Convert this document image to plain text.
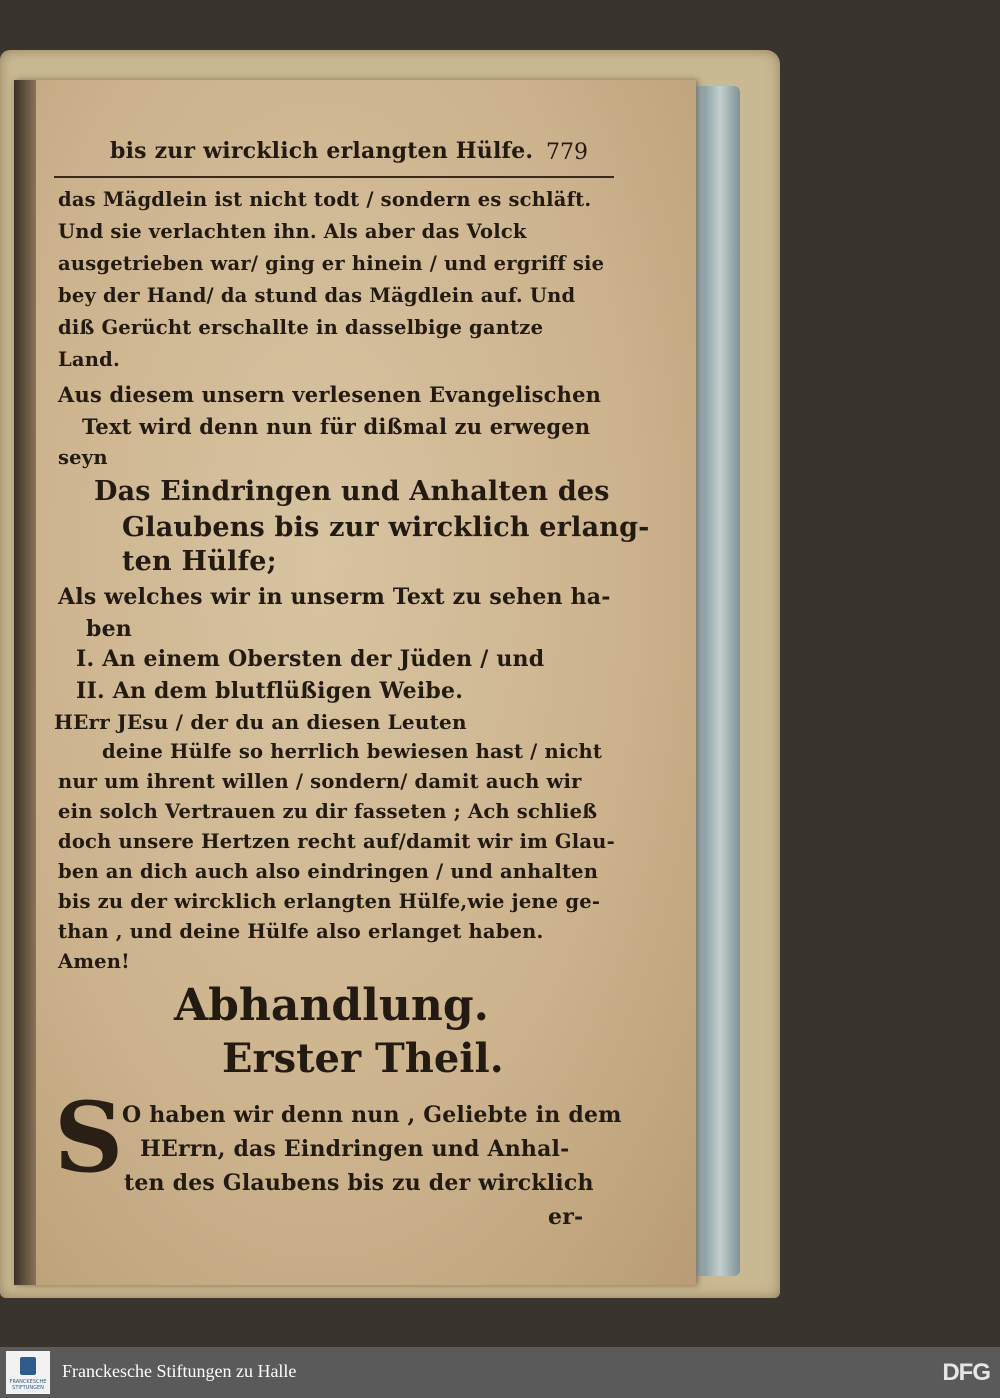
bis zur wircklich erlangten Hülfe. 779
das Mägdlein ist nicht todt / sondern es schläft.
Und sie verlachten ihn. Als aber das Volck
ausgetrieben war/ ging er hinein / und ergriff sie
bey der Hand/ da stund das Mägdlein auf. Und
diß Gerücht erschallte in dasselbige gantze
Land.
Aus diesem unsern verlesenen Evangelischen
Text wird denn nun für dißmal zu erwegen
seyn
Das Eindringen und Anhalten des
Glaubens bis zur wircklich erlang-
ten Hülfe;
Als welches wir in unserm Text zu sehen ha-
ben
I. An einem Obersten der Jüden / und
II. An dem blutflüßigen Weibe.
HErr JEsu / der du an diesen Leuten
deine Hülfe so herrlich bewiesen hast / nicht
nur um ihrent willen / sondern/ damit auch wir
ein solch Vertrauen zu dir fasseten ; Ach schließ
doch unsere Hertzen recht auf/damit wir im Glau-
ben an dich auch also eindringen / und anhalten
bis zu der wircklich erlangten Hülfe,wie jene ge-
than , und deine Hülfe also erlanget haben.
Amen!
Abhandlung.
Erster Theil.
S
O haben wir denn nun , Geliebte in dem
HErrn, das Eindringen und Anhal-
ten des Glaubens bis zu der wircklich
er-
FRANCKESCHE STIFTUNGEN
Franckesche Stiftungen zu Halle	DFG
